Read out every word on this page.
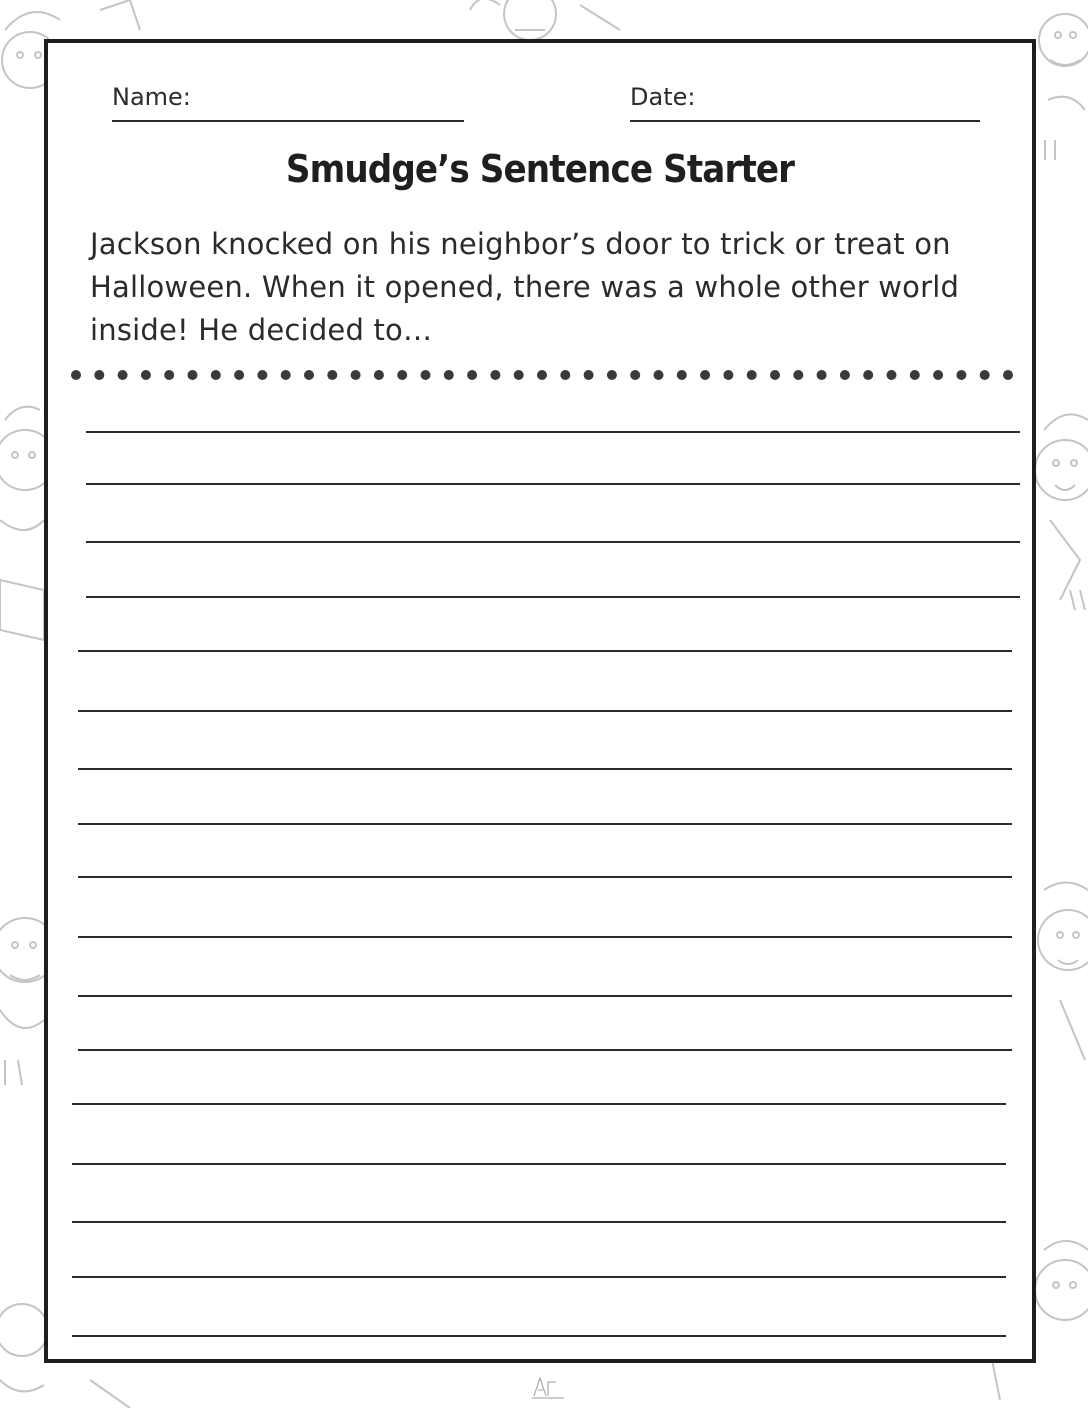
Name:	Date:
Smudge’s Sentence Starter
Jackson knocked on his neighbor’s door to trick or treat on Halloween. When it opened, there was a whole other world inside! He decided to…
